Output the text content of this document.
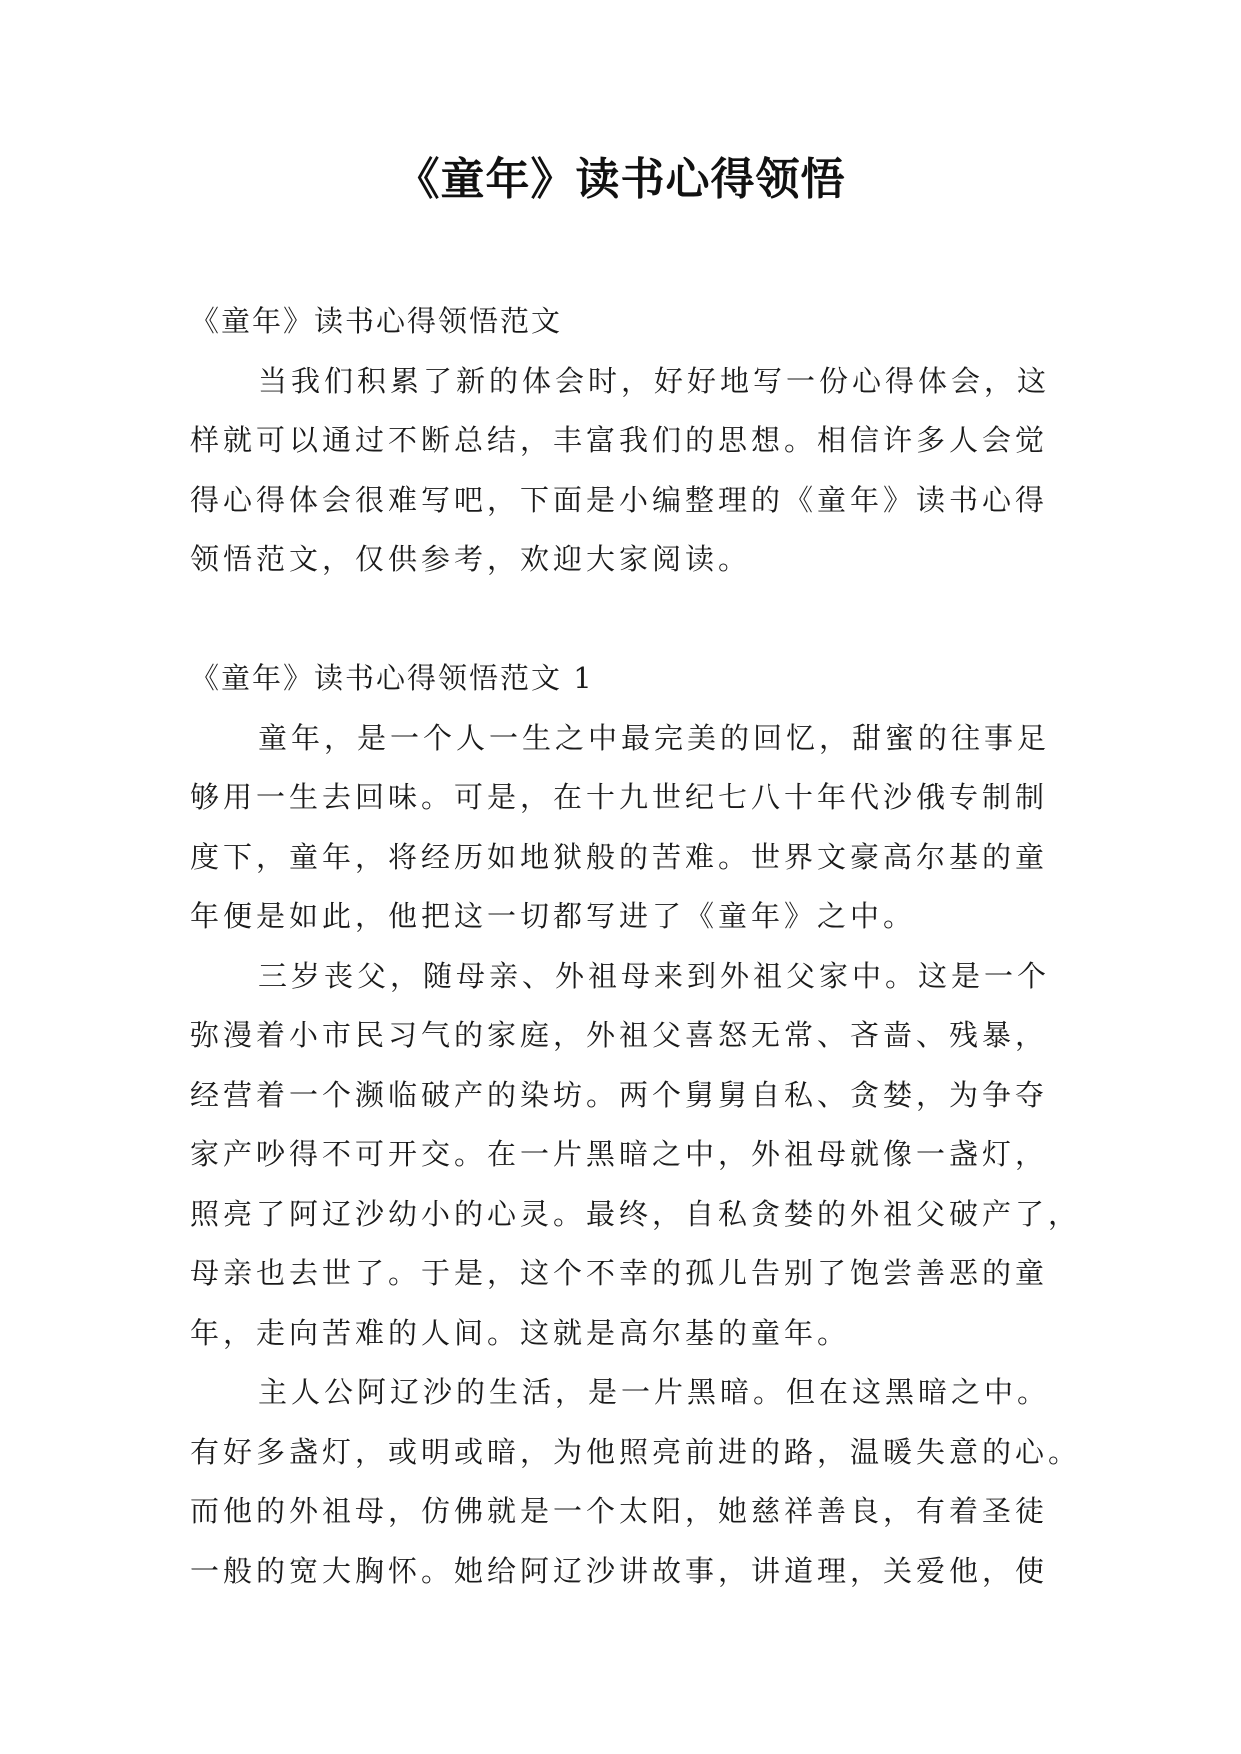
《童年》读书心得领悟
《童年》读书心得领悟范文
当我们积累了新的体会时，好好地写一份心得体会，这
样就可以通过不断总结，丰富我们的思想。相信许多人会觉
得心得体会很难写吧，下面是小编整理的《童年》读书心得
领悟范文，仅供参考，欢迎大家阅读。
《童年》读书心得领悟范文 1
童年，是一个人一生之中最完美的回忆，甜蜜的往事足
够用一生去回味。可是，在十九世纪七八十年代沙俄专制制
度下，童年，将经历如地狱般的苦难。世界文豪高尔基的童
年便是如此，他把这一切都写进了《童年》之中。
三岁丧父，随母亲、外祖母来到外祖父家中。这是一个
弥漫着小市民习气的家庭，外祖父喜怒无常、吝啬、残暴，
经营着一个濒临破产的染坊。两个舅舅自私、贪婪，为争夺
家产吵得不可开交。在一片黑暗之中，外祖母就像一盏灯，
照亮了阿辽沙幼小的心灵。最终，自私贪婪的外祖父破产了，
母亲也去世了。于是，这个不幸的孤儿告别了饱尝善恶的童
年，走向苦难的人间。这就是高尔基的童年。
主人公阿辽沙的生活，是一片黑暗。但在这黑暗之中。
有好多盏灯，或明或暗，为他照亮前进的路，温暖失意的心。
而他的外祖母，仿佛就是一个太阳，她慈祥善良，有着圣徒
一般的宽大胸怀。她给阿辽沙讲故事，讲道理，关爱他，使
